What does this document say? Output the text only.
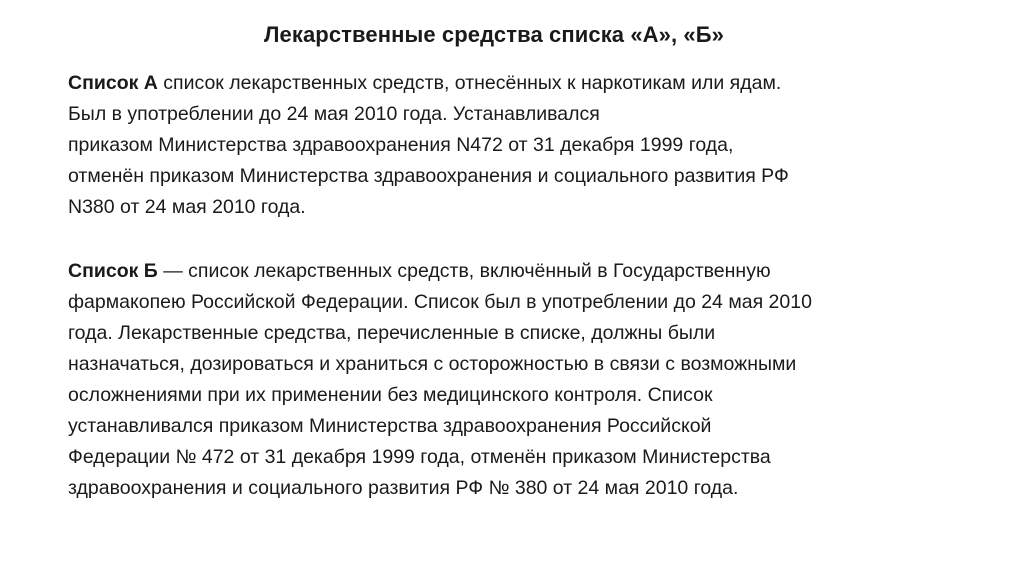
Лекарственные средства списка «А», «Б»
Список А список лекарственных средств, отнесённых к наркотикам или ядам.
Был в употреблении до 24 мая 2010 года. Устанавливался
приказом Министерства здравоохранения N472 от 31 декабря 1999 года,
отменён приказом Министерства здравоохранения и социального развития РФ
N380 от 24 мая 2010 года.
Список Б — список лекарственных средств, включённый в Государственную
фармакопею Российской Федерации. Список был в употреблении до 24 мая 2010
года. Лекарственные средства, перечисленные в списке, должны были
назначаться, дозироваться и храниться с осторожностью в связи с возможными
осложнениями при их применении без медицинского контроля. Список
устанавливался приказом Министерства здравоохранения Российской
Федерации № 472 от 31 декабря 1999 года, отменён приказом Министерства
здравоохранения и социального развития РФ № 380 от 24 мая 2010 года.
